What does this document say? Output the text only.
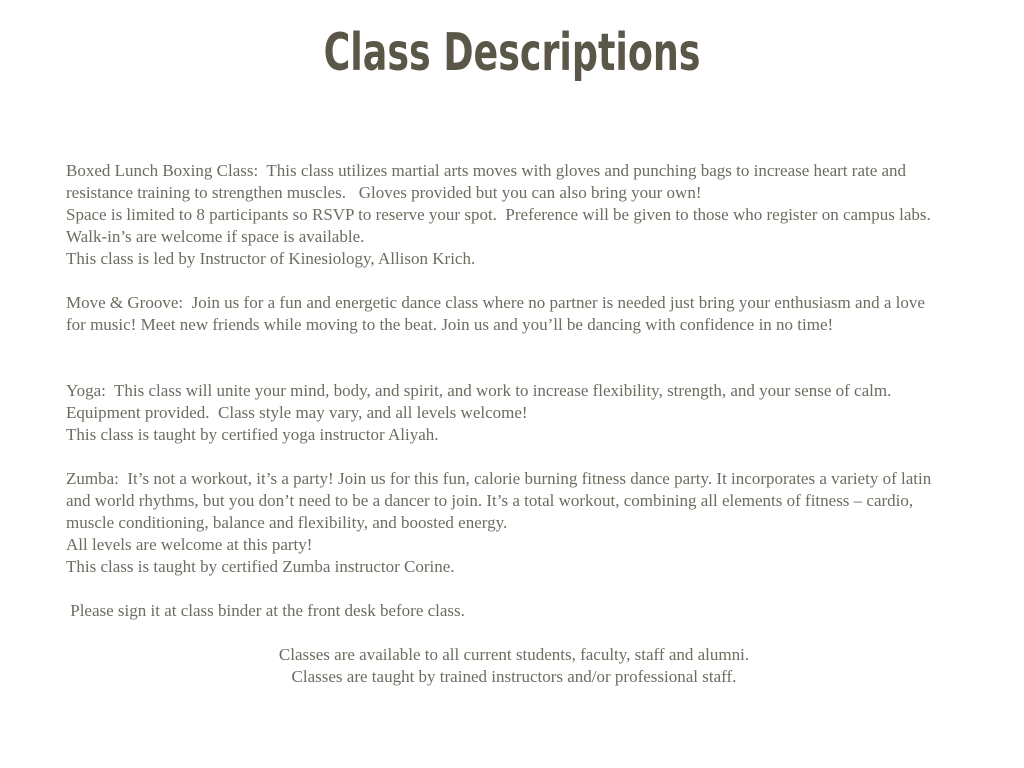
Class Descriptions
Boxed Lunch Boxing Class:  This class utilizes martial arts moves with gloves and punching bags to increase heart rate and
resistance training to strengthen muscles.   Gloves provided but you can also bring your own!
Space is limited to 8 participants so RSVP to reserve your spot.  Preference will be given to those who register on campus labs.
Walk-in’s are welcome if space is available.
This class is led by Instructor of Kinesiology, Allison Krich.
Move & Groove:  Join us for a fun and energetic dance class where no partner is needed just bring your enthusiasm and a love
for music! Meet new friends while moving to the beat. Join us and you’ll be dancing with confidence in no time!
Yoga:  This class will unite your mind, body, and spirit, and work to increase flexibility, strength, and your sense of calm.
Equipment provided.  Class style may vary, and all levels welcome!
This class is taught by certified yoga instructor Aliyah.
Zumba:  It’s not a workout, it’s a party! Join us for this fun, calorie burning fitness dance party. It incorporates a variety of latin
and world rhythms, but you don’t need to be a dancer to join. It’s a total workout, combining all elements of fitness – cardio,
muscle conditioning, balance and flexibility, and boosted energy.
All levels are welcome at this party!
This class is taught by certified Zumba instructor Corine.
Please sign it at class binder at the front desk before class.
Classes are available to all current students, faculty, staff and alumni.
Classes are taught by trained instructors and/or professional staff.
